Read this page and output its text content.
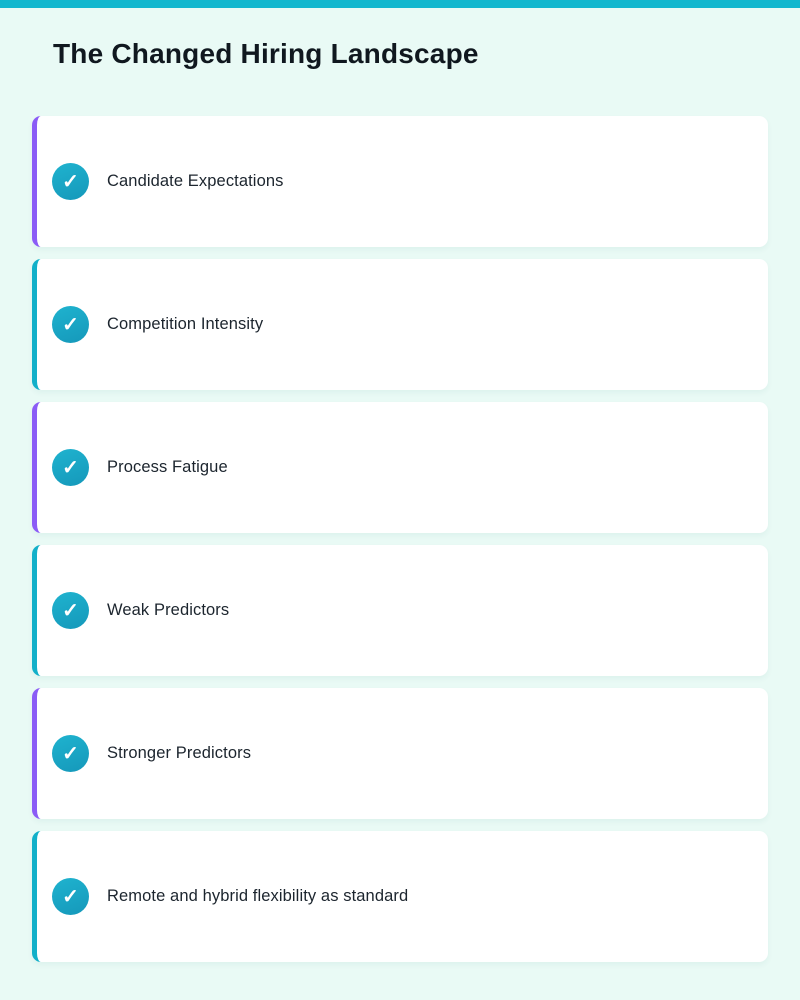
The Changed Hiring Landscape
✓	Candidate Expectations
✓	Competition Intensity
✓	Process Fatigue
✓	Weak Predictors
✓	Stronger Predictors
✓	Remote and hybrid flexibility as standard
